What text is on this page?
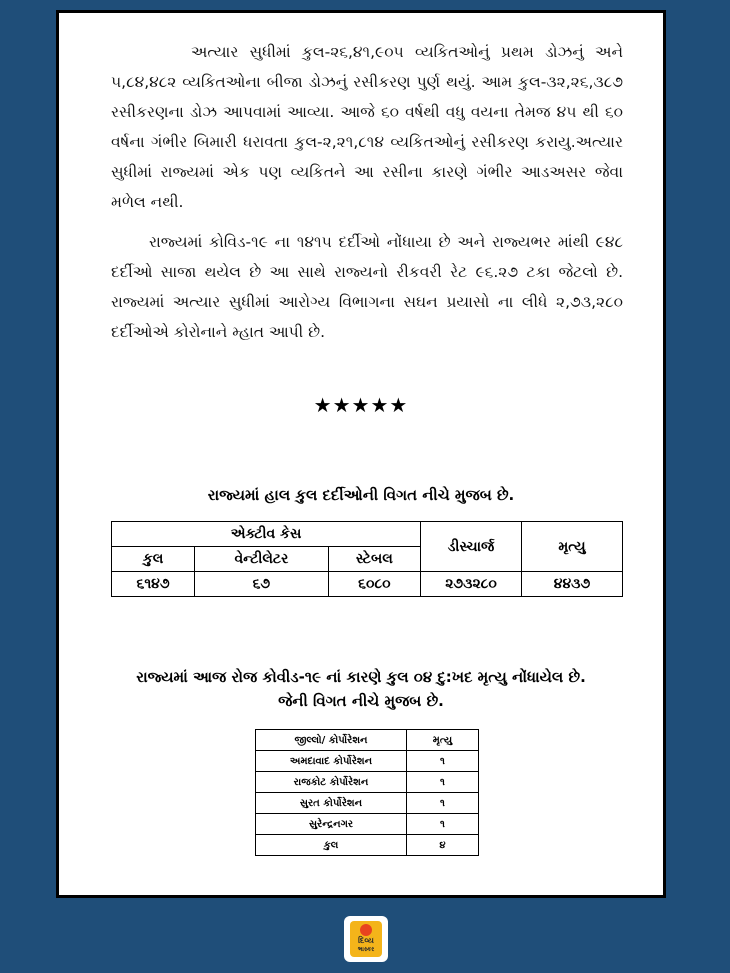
અત્યાર સુધીમાં કુલ-૨૬,૪૧,૯૦૫ વ્યકિતઓનું પ્રથમ ડોઝનું અને ૫,૮૪,૪૮૨ વ્યકિતઓના બીજા ડોઝનું રસીકરણ પુર્ણ થયું. આમ કુલ-૩૨,૨૬,૩૮૭ રસીકરણના ડોઝ આપવામાં આવ્યા. આજે ૬૦ વર્ષથી વધુ વયના તેમજ ૪૫ થી ૬૦ વર્ષના ગંભીર બિમારી ધરાવતા કુલ-૨,૨૧,૮૧૪ વ્યકિતઓનું રસીકરણ કરાયુ.અત્યાર સુધીમાં રાજ્યમાં એક પણ વ્યકિતને આ રસીના કારણે ગંભીર આડઅસર જેવા મળેલ નથી.

રાજ્યમાં કોવિડ-૧૯ ના ૧૪૧૫ દર્દીઓ નોંધાયા છે અને રાજ્યભર માંથી ૯૪૮ દર્દીઓ સાજા થયેલ છે આ સાથે રાજ્યનો રીકવરી રેટ ૯૬.૨૭ ટકા જેટલો છે. રાજ્યમાં અત્યાર સુધીમાં આરોગ્ય વિભાગના સઘન પ્રયાસો ના લીધે ૨,૭૩,૨૮૦ દર્દીઓએ કોરોનાને મ્હાત આપી છે.

★★★★★
રાજ્યમાં હાલ કુલ દર્દીઓની વિગત નીચે મુજબ છે.
એક્ટીવ કેસ			ડીસ્ચાર્જ	મૃત્યુ
કુલ	વેન્ટીલેટર	સ્ટેબલ		
૬૧૪૭	૬૭	૬૦૮૦	૨૭૩૨૮૦	૪૪૩૭
રાજ્યમાં આજ રોજ કોવીડ-૧૯ નાં કારણે કુલ ૦૪ દુ:ખદ મૃત્યુ નોંધાયેલ છે.
જેની વિગત નીચે મુજબ છે.
જીલ્લો/ કોર્પોરેશન	મૃત્યુ
અમદાવાદ કોર્પોરેશન	૧
રાજકોટ કોર્પોરેશન	૧
સુરત કોર્પોરેશન	૧
સુરેન્દ્રનગર	૧
કુલ	૪
દિવ્ય
ભાસ્કર
